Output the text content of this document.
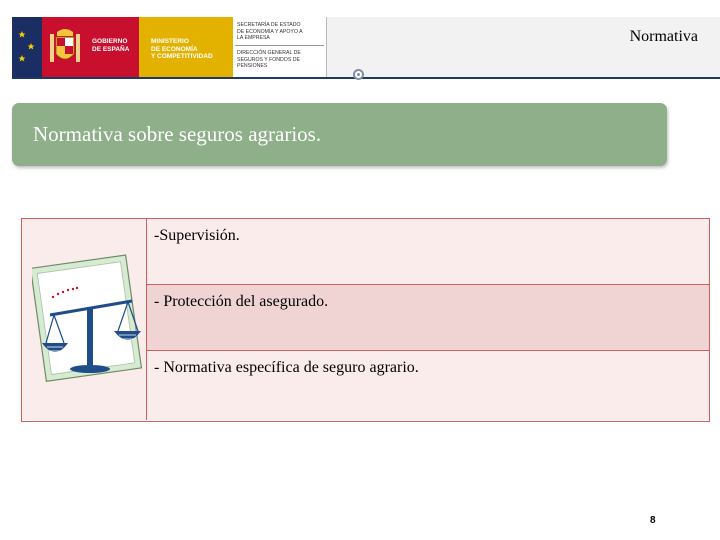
GOBIERNO
DE ESPAÑA
MINISTERIO
DE ECONOMÍA
Y COMPETITIVIDAD
SECRETARÍA DE ESTADO
DE ECONOMÍA Y APOYO A
LA EMPRESA
DIRECCIÓN GENERAL DE
SEGUROS Y FONDOS DE
PENSIONES
Normativa
Normativa sobre seguros agrarios.
-Supervisión.
- Protección del asegurado.
- Normativa específica de seguro agrario.
8
